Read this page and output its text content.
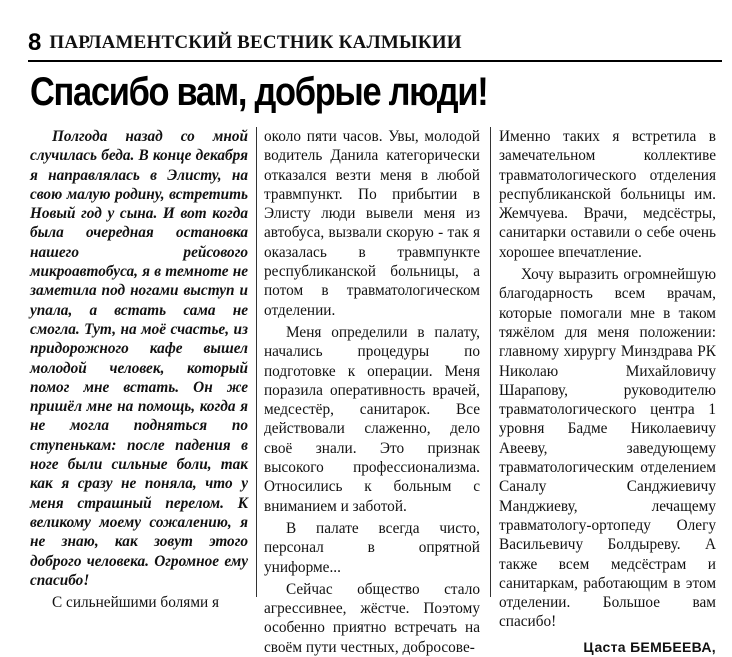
8 ПАРЛАМЕНТСКИЙ ВЕСТНИК КАЛМЫКИИ
Спасибо вам, добрые люди!

Полгода назад со мной случилась беда. В конце декабря я направлялась в Элисту, на свою малую родину, встретить Новый год у сына. И вот когда была очередная остановка нашего рейсового микроавтобуса, я в темноте не заметила под ногами выступ и упала, а встать сама не смогла. Тут, на моё счастье, из придорожного кафе вышел молодой человек, который помог мне встать. Он же пришёл мне на помощь, когда я не могла подняться по ступенькам: после падения в ноге были сильные боли, так как я сразу не поняла, что у меня страшный перелом. К великому моему сожалению, я не знаю, как зовут этого доброго человека. Огромное ему спасибо!

С сильнейшими болями я

около пяти часов. Увы, молодой водитель Данила категорически отказался везти меня в любой травмпункт. По прибытии в Элисту люди вывели меня из автобуса, вызвали скорую - так я оказалась в травмпункте республиканской больницы, а потом в травматологическом отделении.

Меня определили в палату, начались процедуры по подготовке к операции. Меня поразила оперативность врачей, медсестёр, санитарок. Все действовали слаженно, дело своё знали. Это признак высокого профессионализма. Относились к больным с вниманием и заботой.

В палате всегда чисто, персонал в опрятной униформе...

Сейчас общество стало агрессивнее, жёстче. Поэтому особенно приятно встречать на своём пути честных, добросове-

Именно таких я встретила в замечательном коллективе травматологического отделения республиканской больницы им. Жемчуева. Врачи, медсёстры, санитарки оставили о себе очень хорошее впечатление.

Хочу выразить огромнейшую благодарность всем врачам, которые помогали мне в таком тяжёлом для меня положении: главному хирургу Минздрава РК Николаю Михайловичу Шарапову, руководителю травматологического центра 1 уровня Бадме Николаевичу Авееву, заведующему травматологическим отделением Саналу Санджиевичу Манджиеву, лечащему травматологу-ортопеду Олегу Васильевичу Болдыреву. А также всем медсёстрам и санитаркам, работающим в этом отделении. Большое вам спасибо!

Цаста БЕМБЕЕВА,
